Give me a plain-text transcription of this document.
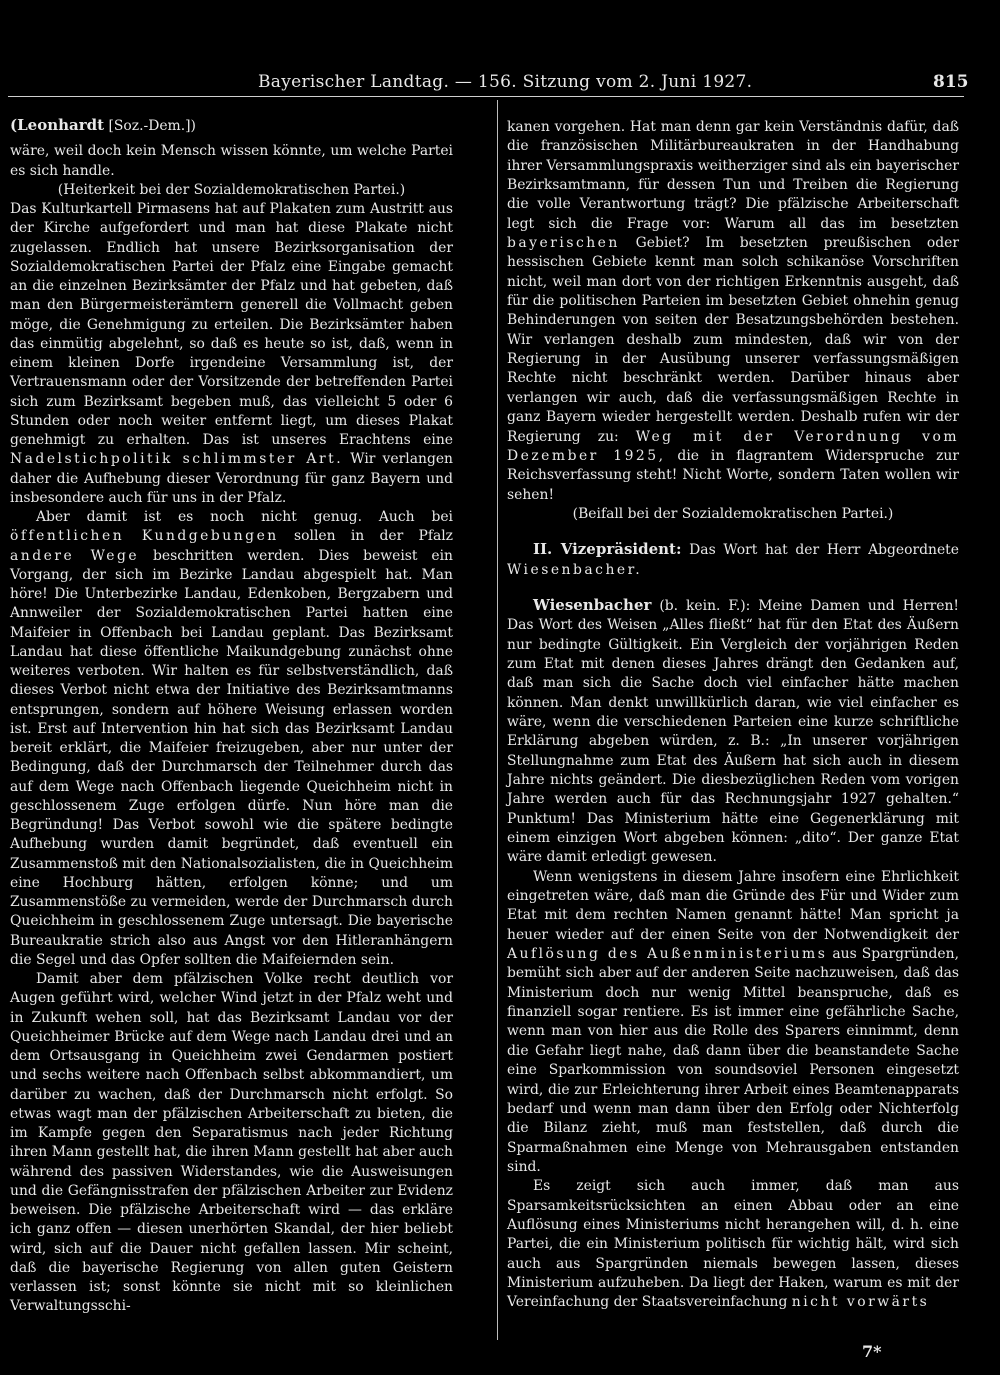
Bayerischer Landtag. — 156. Sitzung vom 2. Juni 1927.	815

(Leonhardt [Soz.-Dem.])

wäre, weil doch kein Mensch wissen könnte, um welche Partei es sich handle.

(Heiterkeit bei der Sozialdemokratischen Partei.)

Das Kulturkartell Pirmasens hat auf Plakaten zum Austritt aus der Kirche aufgefordert und man hat diese Plakate nicht zugelassen. Endlich hat unsere Bezirksorganisation der Sozialdemokratischen Partei der Pfalz eine Eingabe gemacht an die einzelnen Bezirksämter der Pfalz und hat gebeten, daß man den Bürgermeisterämtern generell die Vollmacht geben möge, die Genehmigung zu erteilen. Die Bezirksämter haben das einmütig abgelehnt, so daß es heute so ist, daß, wenn in einem kleinen Dorfe irgendeine Versammlung ist, der Vertrauensmann oder der Vorsitzende der betreffenden Partei sich zum Bezirksamt begeben muß, das vielleicht 5 oder 6 Stunden oder noch weiter entfernt liegt, um dieses Plakat genehmigt zu erhalten. Das ist unseres Erachtens eine Nadelstichpolitik schlimmster Art. Wir verlangen daher die Aufhebung dieser Verordnung für ganz Bayern und insbesondere auch für uns in der Pfalz.

Aber damit ist es noch nicht genug. Auch bei öffentlichen Kundgebungen sollen in der Pfalz andere Wege beschritten werden. Dies beweist ein Vorgang, der sich im Bezirke Landau abgespielt hat. Man höre! Die Unterbezirke Landau, Edenkoben, Bergzabern und Annweiler der Sozialdemokratischen Partei hatten eine Maifeier in Offenbach bei Landau geplant. Das Bezirksamt Landau hat diese öffentliche Maikundgebung zunächst ohne weiteres verboten. Wir halten es für selbstverständlich, daß dieses Verbot nicht etwa der Initiative des Bezirksamtmanns entsprungen, sondern auf höhere Weisung erlassen worden ist. Erst auf Intervention hin hat sich das Bezirksamt Landau bereit erklärt, die Maifeier freizugeben, aber nur unter der Bedingung, daß der Durchmarsch der Teilnehmer durch das auf dem Wege nach Offenbach liegende Queichheim nicht in geschlossenem Zuge erfolgen dürfe. Nun höre man die Begründung! Das Verbot sowohl wie die spätere bedingte Aufhebung wurden damit begründet, daß eventuell ein Zusammenstoß mit den Nationalsozialisten, die in Queichheim eine Hochburg hätten, erfolgen könne; und um Zusammenstöße zu vermeiden, werde der Durchmarsch durch Queichheim in geschlossenem Zuge untersagt. Die bayerische Bureaukratie strich also aus Angst vor den Hitleranhängern die Segel und das Opfer sollten die Maifeiernden sein.

Damit aber dem pfälzischen Volke recht deutlich vor Augen geführt wird, welcher Wind jetzt in der Pfalz weht und in Zukunft wehen soll, hat das Bezirksamt Landau vor der Queichheimer Brücke auf dem Wege nach Landau drei und an dem Ortsausgang in Queichheim zwei Gendarmen postiert und sechs weitere nach Offenbach selbst abkommandiert, um darüber zu wachen, daß der Durchmarsch nicht erfolgt. So etwas wagt man der pfälzischen Arbeiterschaft zu bieten, die im Kampfe gegen den Separatismus nach jeder Richtung ihren Mann gestellt hat, die ihren Mann gestellt hat aber auch während des passiven Widerstandes, wie die Ausweisungen und die Gefängnisstrafen der pfälzischen Arbeiter zur Evidenz beweisen. Die pfälzische Arbeiterschaft wird — das erkläre ich ganz offen — diesen unerhörten Skandal, der hier beliebt wird, sich auf die Dauer nicht gefallen lassen. Mir scheint, daß die bayerische Regierung von allen guten Geistern verlassen ist; sonst könnte sie nicht mit so kleinlichen Verwaltungsschi-

kanen vorgehen. Hat man denn gar kein Verständnis dafür, daß die französischen Militärbureaukraten in der Handhabung ihrer Versammlungspraxis weitherziger sind als ein bayerischer Bezirksamtmann, für dessen Tun und Treiben die Regierung die volle Verantwortung trägt? Die pfälzische Arbeiterschaft legt sich die Frage vor: Warum all das im besetzten bayerischen Gebiet? Im besetzten preußischen oder hessischen Gebiete kennt man solch schikanöse Vorschriften nicht, weil man dort von der richtigen Erkenntnis ausgeht, daß für die politischen Parteien im besetzten Gebiet ohnehin genug Behinderungen von seiten der Besatzungsbehörden bestehen. Wir verlangen deshalb zum mindesten, daß wir von der Regierung in der Ausübung unserer verfassungsmäßigen Rechte nicht beschränkt werden. Darüber hinaus aber verlangen wir auch, daß die verfassungsmäßigen Rechte in ganz Bayern wieder hergestellt werden. Deshalb rufen wir der Regierung zu: Weg mit der Verordnung vom Dezember 1925, die in flagrantem Widerspruche zur Reichsverfassung steht! Nicht Worte, sondern Taten wollen wir sehen!

(Beifall bei der Sozialdemokratischen Partei.)

II. Vizepräsident: Das Wort hat der Herr Abgeordnete Wiesenbacher.

Wiesenbacher (b. kein. F.): Meine Damen und Herren! Das Wort des Weisen „Alles fließt“ hat für den Etat des Äußern nur bedingte Gültigkeit. Ein Vergleich der vorjährigen Reden zum Etat mit denen dieses Jahres drängt den Gedanken auf, daß man sich die Sache doch viel einfacher hätte machen können. Man denkt unwillkürlich daran, wie viel einfacher es wäre, wenn die verschiedenen Parteien eine kurze schriftliche Erklärung abgeben würden, z. B.: „In unserer vorjährigen Stellungnahme zum Etat des Äußern hat sich auch in diesem Jahre nichts geändert. Die diesbezüglichen Reden vom vorigen Jahre werden auch für das Rechnungsjahr 1927 gehalten.“ Punktum! Das Ministerium hätte eine Gegenerklärung mit einem einzigen Wort abgeben können: „dito“. Der ganze Etat wäre damit erledigt gewesen.

Wenn wenigstens in diesem Jahre insofern eine Ehrlichkeit eingetreten wäre, daß man die Gründe des Für und Wider zum Etat mit dem rechten Namen genannt hätte! Man spricht ja heuer wieder auf der einen Seite von der Notwendigkeit der Auflösung des Außenministeriums aus Spargründen, bemüht sich aber auf der anderen Seite nachzuweisen, daß das Ministerium doch nur wenig Mittel beanspruche, daß es finanziell sogar rentiere. Es ist immer eine gefährliche Sache, wenn man von hier aus die Rolle des Sparers einnimmt, denn die Gefahr liegt nahe, daß dann über die beanstandete Sache eine Sparkommission von soundsoviel Personen eingesetzt wird, die zur Erleichterung ihrer Arbeit eines Beamtenapparats bedarf und wenn man dann über den Erfolg oder Nichterfolg die Bilanz zieht, muß man feststellen, daß durch die Sparmaßnahmen eine Menge von Mehrausgaben entstanden sind.

Es zeigt sich auch immer, daß man aus Sparsamkeitsrücksichten an einen Abbau oder an eine Auflösung eines Ministeriums nicht herangehen will, d. h. eine Partei, die ein Ministerium politisch für wichtig hält, wird sich auch aus Spargründen niemals bewegen lassen, dieses Ministerium aufzuheben. Da liegt der Haken, warum es mit der Vereinfachung der Staatsvereinfachung nicht vorwärts

7*
